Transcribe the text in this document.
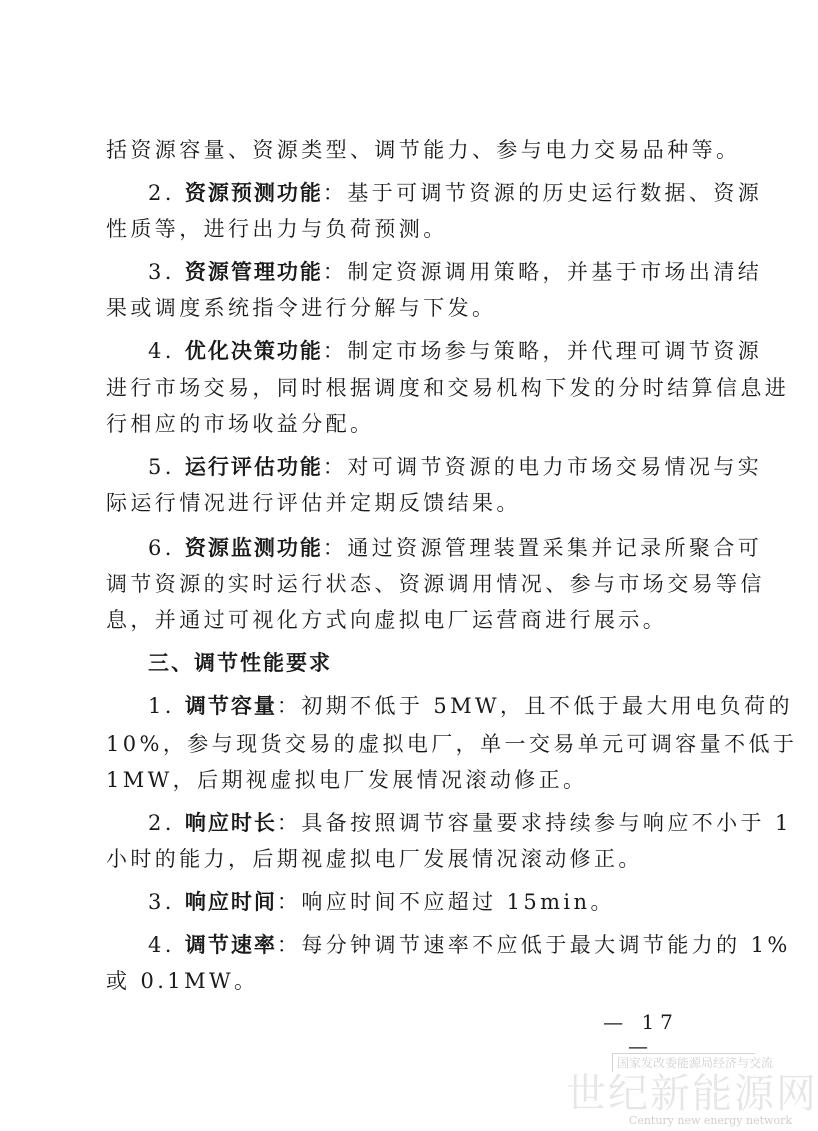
括资源容量、资源类型、调节能力、参与电力交易品种等。
2. 资源预测功能：基于可调节资源的历史运行数据、资源
性质等，进行出力与负荷预测。
3. 资源管理功能：制定资源调用策略，并基于市场出清结
果或调度系统指令进行分解与下发。
4. 优化决策功能：制定市场参与策略，并代理可调节资源
进行市场交易，同时根据调度和交易机构下发的分时结算信息进
行相应的市场收益分配。
5. 运行评估功能：对可调节资源的电力市场交易情况与实
际运行情况进行评估并定期反馈结果。
6. 资源监测功能：通过资源管理装置采集并记录所聚合可
调节资源的实时运行状态、资源调用情况、参与市场交易等信
息，并通过可视化方式向虚拟电厂运营商进行展示。
三、调节性能要求
1. 调节容量：初期不低于 5MW，且不低于最大用电负荷的
10%，参与现货交易的虚拟电厂，单一交易单元可调容量不低于
1MW，后期视虚拟电厂发展情况滚动修正。
2. 响应时长：具备按照调节容量要求持续参与响应不小于 1
小时的能力，后期视虚拟电厂发展情况滚动修正。
3. 响应时间：响应时间不应超过 15min。
4. 调节速率：每分钟调节速率不应低于最大调节能力的 1%
或 0.1MW。
— 17 —
国家发改委能源局经济与交流
世纪新能源网
Century new energy network
